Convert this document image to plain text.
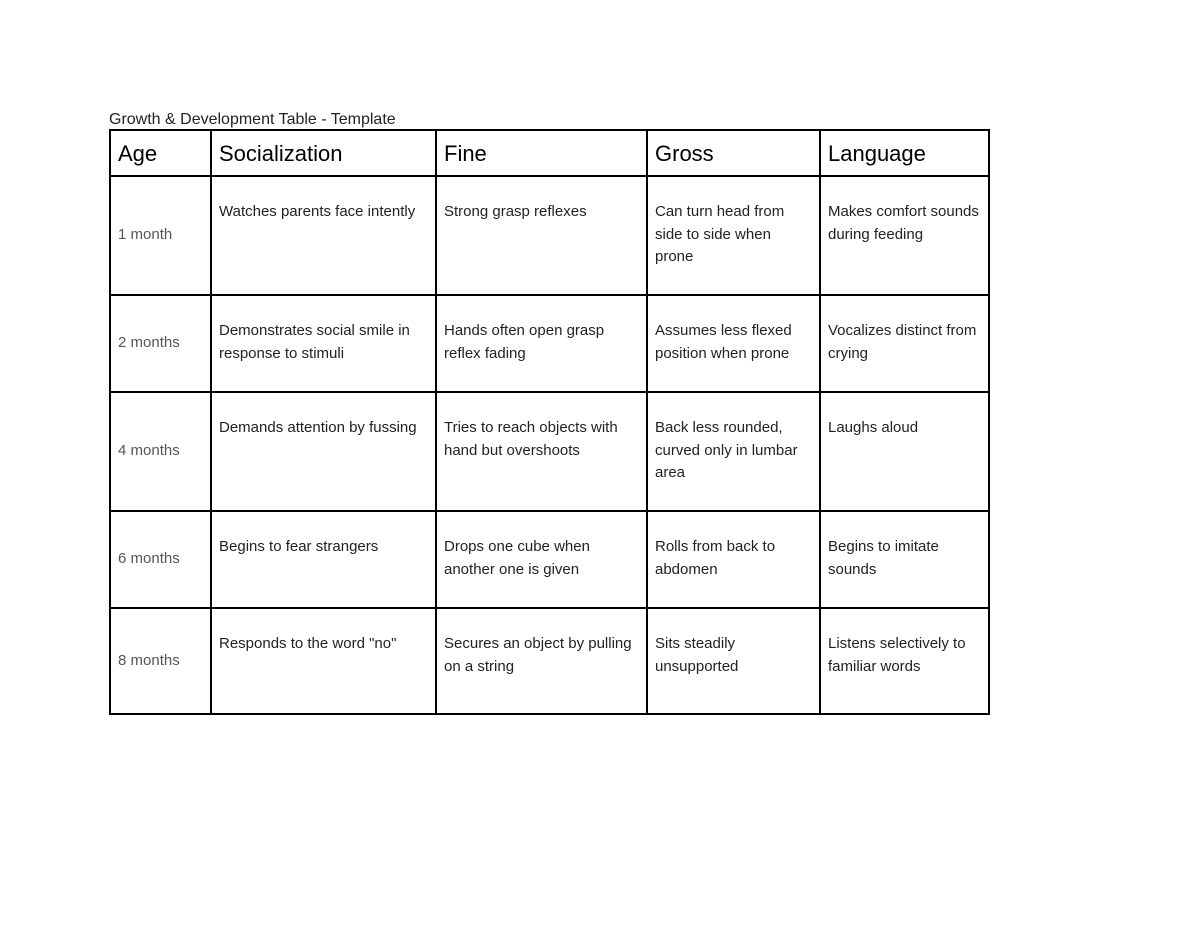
Growth & Development Table - Template
Age	Socialization	Fine	Gross	Language
1 month	Watches parents face intently	Strong grasp reflexes	Can turn head from side to side when prone	Makes comfort sounds during feeding
2 months	Demonstrates social smile in response to stimuli	Hands often open grasp reflex fading	Assumes less flexed position when prone	Vocalizes distinct from crying
4 months	Demands attention by fussing	Tries to reach objects with hand but overshoots	Back less rounded, curved only in lumbar area	Laughs aloud
6 months	Begins to fear strangers	Drops one cube when another one is given	Rolls from back to abdomen	Begins to imitate sounds
8 months	Responds to the word "no"	Secures an object by pulling on a string	Sits steadily unsupported	Listens selectively to familiar words
